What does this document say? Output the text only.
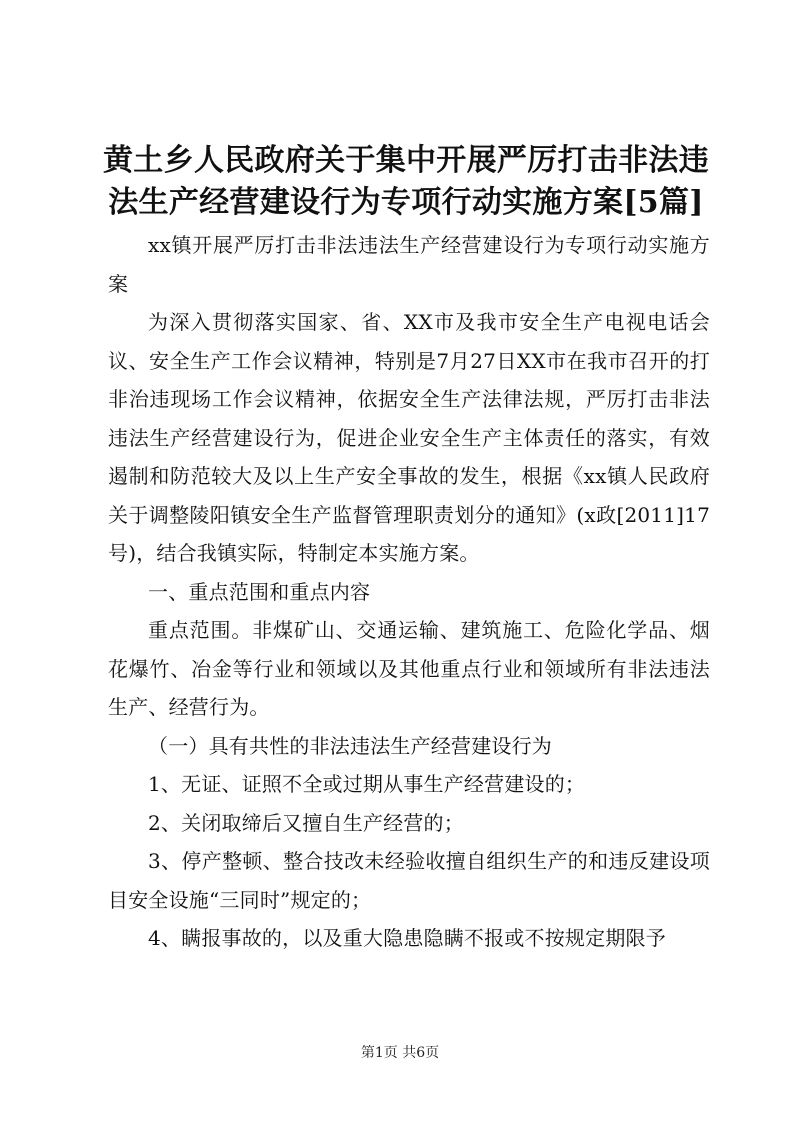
黄土乡人民政府关于集中开展严厉打击非法违法生产经营建设行为专项行动实施方案[5篇]

xx镇开展严厉打击非法违法生产经营建设行为专项行动实施方案

为深入贯彻落实国家、省、XX市及我市安全生产电视电话会议、安全生产工作会议精神，特别是7月27日XX市在我市召开的打非治违现场工作会议精神，依据安全生产法律法规，严厉打击非法违法生产经营建设行为，促进企业安全生产主体责任的落实，有效遏制和防范较大及以上生产安全事故的发生，根据《xx镇人民政府关于调整陵阳镇安全生产监督管理职责划分的通知》(x政[2011]17号)，结合我镇实际，特制定本实施方案。

一、重点范围和重点内容

重点范围。非煤矿山、交通运输、建筑施工、危险化学品、烟花爆竹、冶金等行业和领域以及其他重点行业和领域所有非法违法生产、经营行为。

（一）具有共性的非法违法生产经营建设行为

1、无证、证照不全或过期从事生产经营建设的；

2、关闭取缔后又擅自生产经营的；

3、停产整顿、整合技改未经验收擅自组织生产的和违反建设项目安全设施“三同时”规定的；

4、瞒报事故的，以及重大隐患隐瞒不报或不按规定期限予

第1页 共6页
